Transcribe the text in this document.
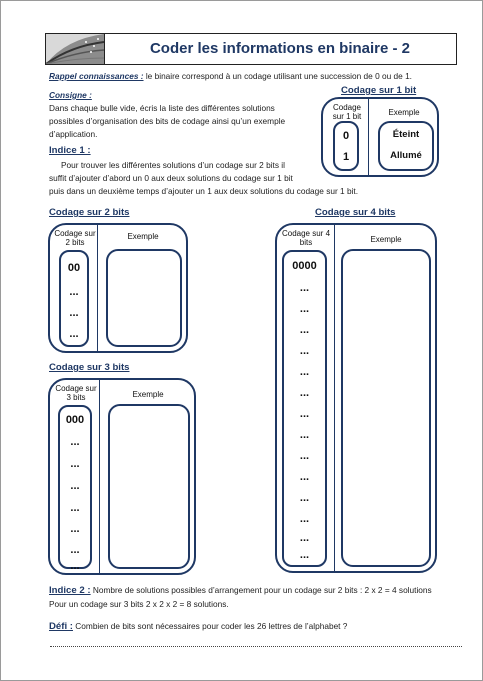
Coder les informations en binaire - 2
Rappel connaissances : le binaire correspond à un codage utilisant une succession de 0 ou de 1.
Consigne :
Dans chaque bulle vide, écris la liste des différentes solutions
possibles d’organisation des bits de codage ainsi qu’un exemple
d’application.
Indice 1 :
Pour trouver les différentes solutions d’un codage sur 2 bits il
suffit d’ajouter d’abord un 0 aux deux solutions du codage sur 1 bit
puis dans un deuxième temps d’ajouter un 1 aux deux solutions du codage sur 1 bit.
Codage sur 1 bit
Codage sur 1 bit	Exemple
0
1
Éteint
Allumé
Codage sur 2 bits
Codage sur 2 bits
Exemple
00
...
...
...
Codage sur 3 bits
Codage sur 3 bits	Exemple
000
...
...
...
...
...
...
...
Codage sur 4 bits
Codage sur 4 bits	Exemple
0000
...
...
...
...
...
...
...
...
...
...
...
...
...
...
Indice 2 : Nombre de solutions possibles d’arrangement pour un codage sur 2 bits : 2 x 2 = 4 solutions
Pour un codage sur 3 bits 2 x 2 x 2 = 8 solutions.
Défi : Combien de bits sont nécessaires pour coder les 26 lettres de l’alphabet ?
